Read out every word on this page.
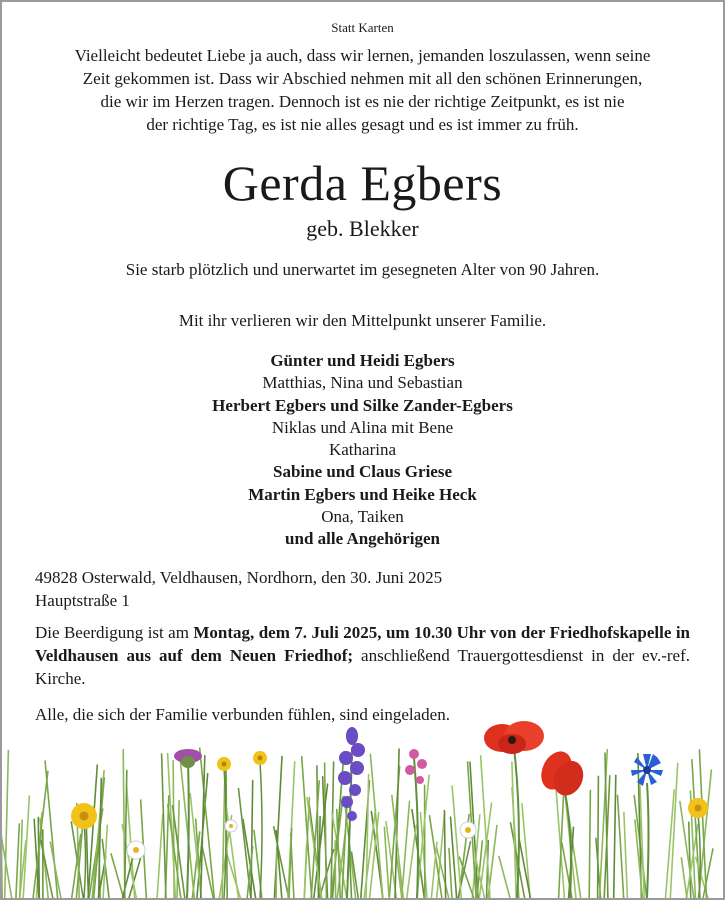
Statt Karten
Vielleicht bedeutet Liebe ja auch, dass wir lernen, jemanden loszulassen, wenn seine
Zeit gekommen ist. Dass wir Abschied nehmen mit all den schönen Erinnerungen,
die wir im Herzen tragen. Dennoch ist es nie der richtige Zeitpunkt, es ist nie
der richtige Tag, es ist nie alles gesagt und es ist immer zu früh.
Gerda Egbers
geb. Blekker
Sie starb plötzlich und unerwartet im gesegneten Alter von 90 Jahren.
Mit ihr verlieren wir den Mittelpunkt unserer Familie.
Günter und Heidi Egbers
Matthias, Nina und Sebastian
Herbert Egbers und Silke Zander-Egbers
Niklas und Alina mit Bene
Katharina
Sabine und Claus Griese
Martin Egbers und Heike Heck
Ona, Taiken
und alle Angehörigen
49828 Osterwald, Veldhausen, Nordhorn, den 30. Juni 2025
Hauptstraße 1
Die Beerdigung ist am Montag, dem 7. Juli 2025, um 10.30 Uhr von der Friedhofskapelle in Veldhausen aus auf dem Neuen Friedhof; anschließend Trauergottesdienst in der ev.-ref. Kirche.
Alle, die sich der Familie verbunden fühlen, sind eingeladen.
